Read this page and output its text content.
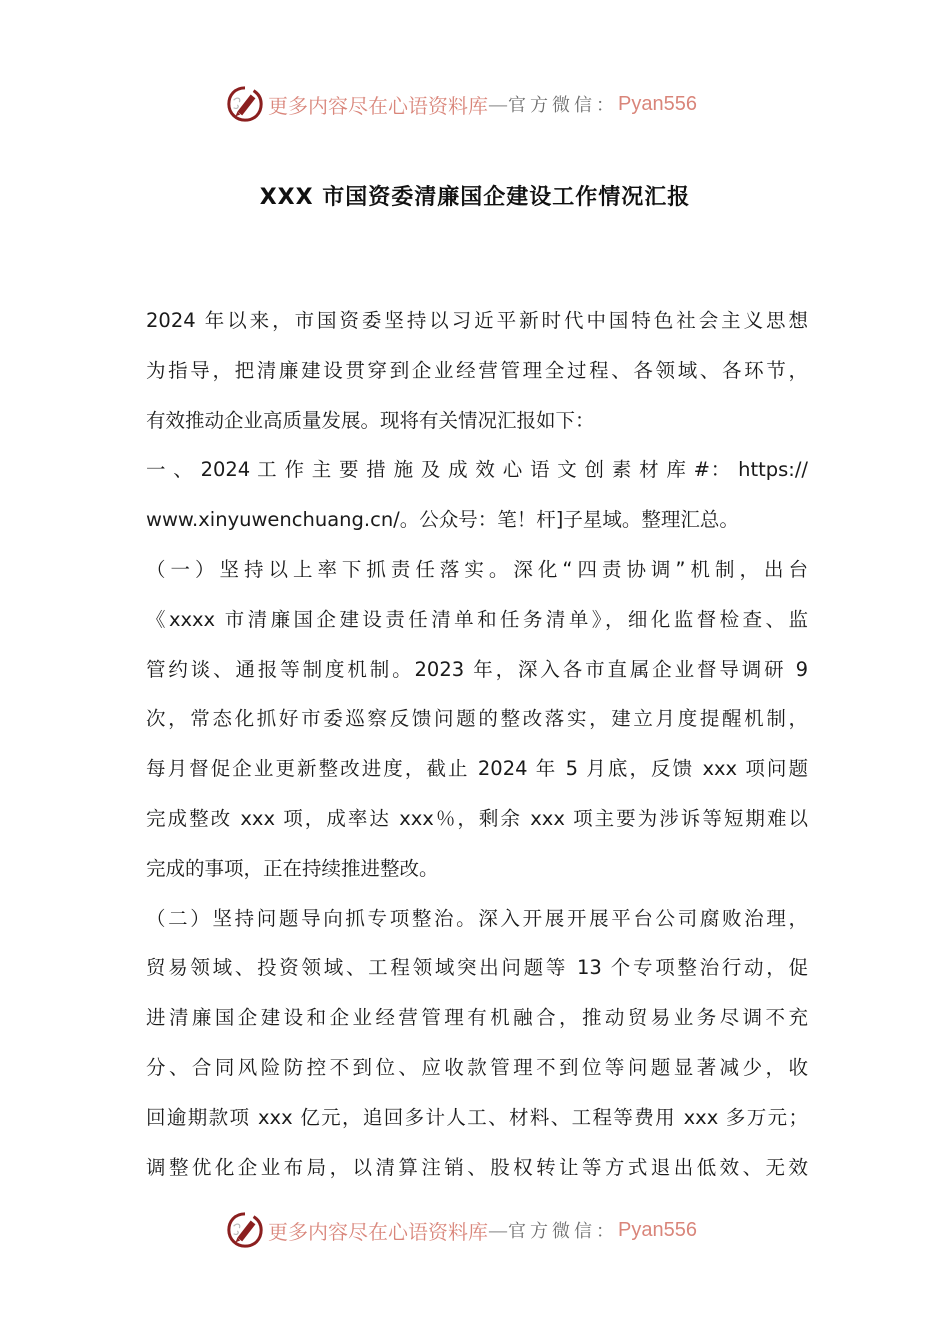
更多内容尽在心语资料库 — 官方微信： Pyan556
XXX 市国资委清廉国企建设工作情况汇报
2024 年以来，市国资委坚持以习近平新时代中国特色社会主义思想
为指导，把清廉建设贯穿到企业经营管理全过程、各领域、各环节，
有效推动企业高质量发展。现将有关情况汇报如下：
一 、 2024 工 作 主 要 措 施 及 成 效 心 语 文 创 素 材 库 #： https://
www.xinyuwenchuang.cn/。公众号：笔！杆]子星域。整理汇总。
（一）坚持以上率下抓责任落实。深化“四责协调”机制，出台
《xxxx 市清廉国企建设责任清单和任务清单》，细化监督检查、监
管约谈、通报等制度机制。2023 年，深入各市直属企业督导调研 9
次，常态化抓好市委巡察反馈问题的整改落实，建立月度提醒机制，
每月督促企业更新整改进度，截止 2024 年 5 月底，反馈 xxx 项问题
完成整改 xxx 项，成率达 xxx％，剩余 xxx 项主要为涉诉等短期难以
完成的事项，正在持续推进整改。
（二）坚持问题导向抓专项整治。深入开展开展平台公司腐败治理，
贸易领域、投资领域、工程领域突出问题等 13 个专项整治行动，促
进清廉国企建设和企业经营管理有机融合，推动贸易业务尽调不充
分、合同风险防控不到位、应收款管理不到位等问题显著减少，收
回逾期款项 xxx 亿元，追回多计人工、材料、工程等费用 xxx 多万元；
调整优化企业布局，以清算注销、股权转让等方式退出低效、无效
更多内容尽在心语资料库 — 官方微信： Pyan556
